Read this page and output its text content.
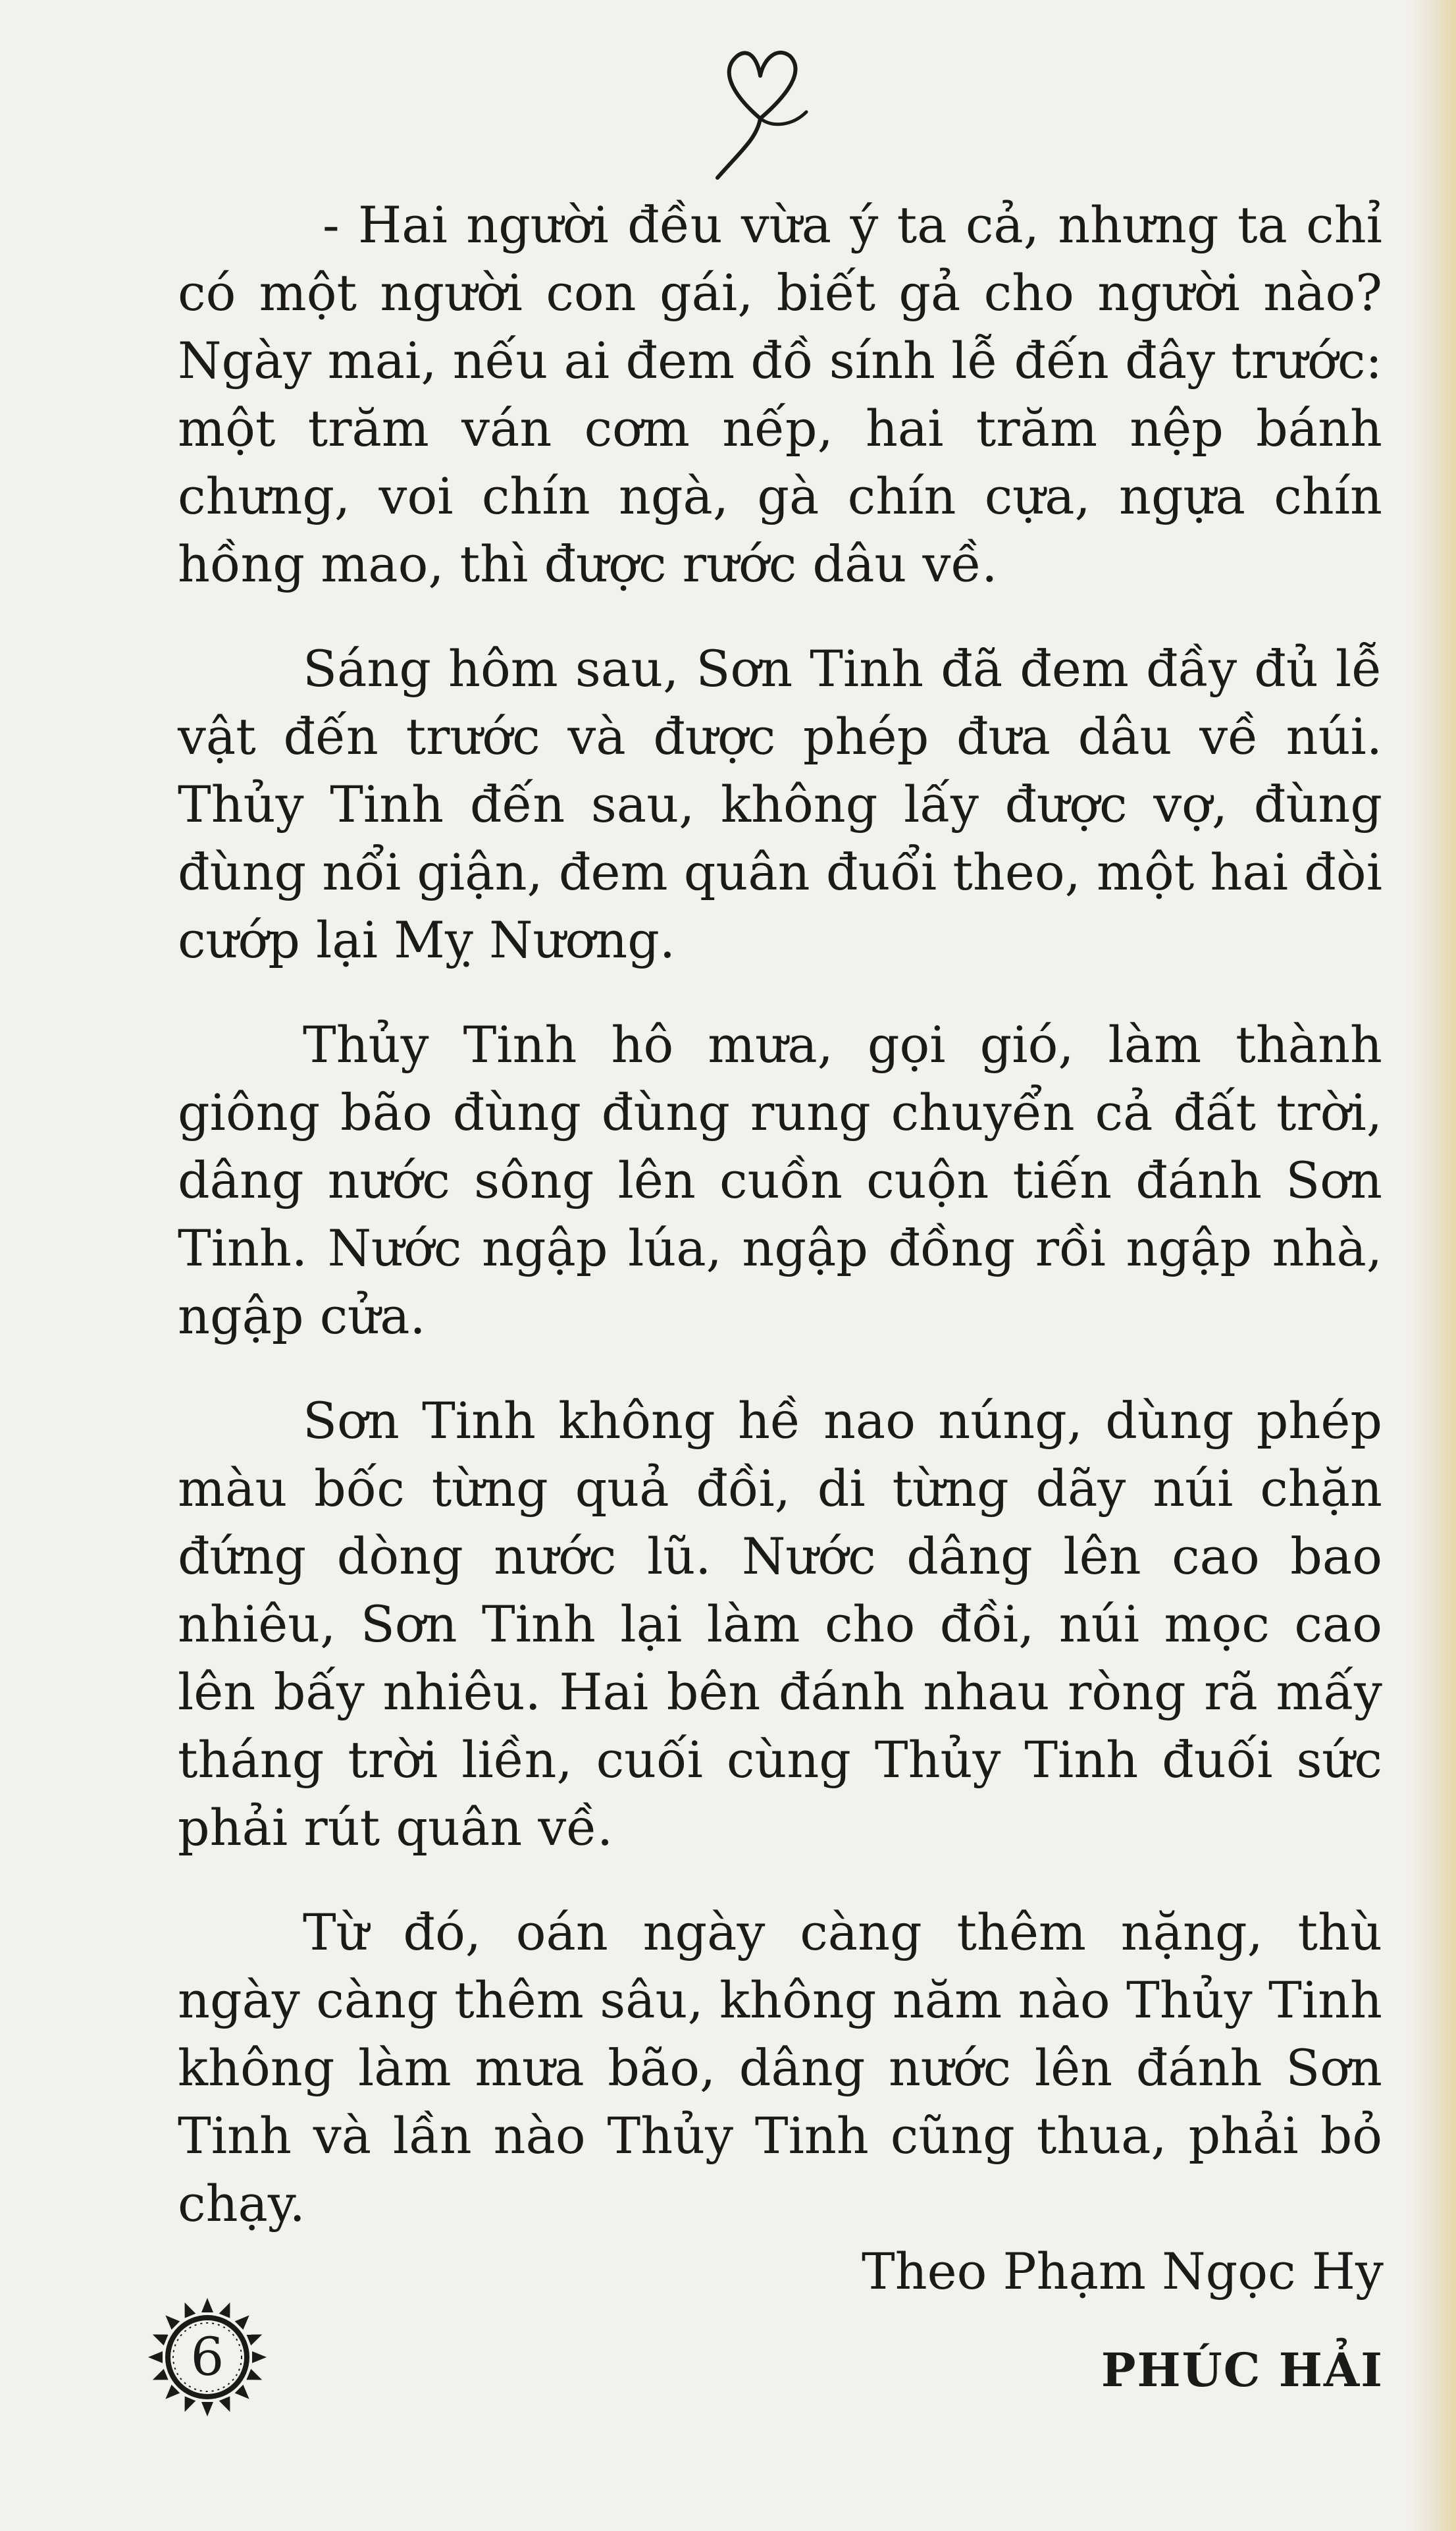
- Hai người đều vừa ý ta cả, nhưng ta chỉ có một người con gái, biết gả cho người nào? Ngày mai, nếu ai đem đồ sính lễ đến đây trước: một trăm ván cơm nếp, hai trăm nệp bánh chưng, voi chín ngà, gà chín cựa, ngựa chín hồng mao, thì được rước dâu về.

Sáng hôm sau, Sơn Tinh đã đem đầy đủ lễ vật đến trước và được phép đưa dâu về núi. Thủy Tinh đến sau, không lấy được vợ, đùng đùng nổi giận, đem quân đuổi theo, một hai đòi cướp lại Mỵ Nương.

Thủy Tinh hô mưa, gọi gió, làm thành giông bão đùng đùng rung chuyển cả đất trời, dâng nước sông lên cuồn cuộn tiến đánh Sơn Tinh. Nước ngập lúa, ngập đồng rồi ngập nhà, ngập cửa.

Sơn Tinh không hề nao núng, dùng phép màu bốc từng quả đồi, di từng dãy núi chặn đứng dòng nước lũ. Nước dâng lên cao bao nhiêu, Sơn Tinh lại làm cho đồi, núi mọc cao lên bấy nhiêu. Hai bên đánh nhau ròng rã mấy tháng trời liền, cuối cùng Thủy Tinh đuối sức phải rút quân về.

Từ đó, oán ngày càng thêm nặng, thù ngày càng thêm sâu, không năm nào Thủy Tinh không làm mưa bão, dâng nước lên đánh Sơn Tinh và lần nào Thủy Tinh cũng thua, phải bỏ chạy.

Theo Phạm Ngọc Hy
PHÚC HẢI
6
